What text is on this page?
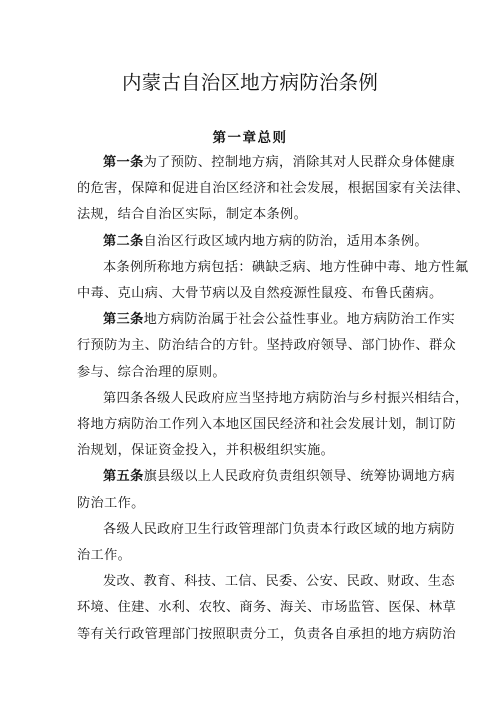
内蒙古自治区地方病防治条例
第一章总则
第一条为了预防、控制地方病，消除其对人民群众身体健康
的危害，保障和促进自治区经济和社会发展，根据国家有关法律、
法规，结合自治区实际，制定本条例。
第二条自治区行政区域内地方病的防治，适用本条例。
本条例所称地方病包括：碘缺乏病、地方性砷中毒、地方性氟
中毒、克山病、大骨节病以及自然疫源性鼠疫、布鲁氏菌病。
第三条地方病防治属于社会公益性事业。地方病防治工作实
行预防为主、防治结合的方针。坚持政府领导、部门协作、群众
参与、综合治理的原则。
第四条各级人民政府应当坚持地方病防治与乡村振兴相结合，
将地方病防治工作列入本地区国民经济和社会发展计划，制订防
治规划，保证资金投入，并积极组织实施。
第五条旗县级以上人民政府负责组织领导、统筹协调地方病
防治工作。
各级人民政府卫生行政管理部门负责本行政区域的地方病防
治工作。
发改、教育、科技、工信、民委、公安、民政、财政、生态
环境、住建、水利、农牧、商务、海关、市场监管、医保、林草
等有关行政管理部门按照职责分工，负责各自承担的地方病防治
